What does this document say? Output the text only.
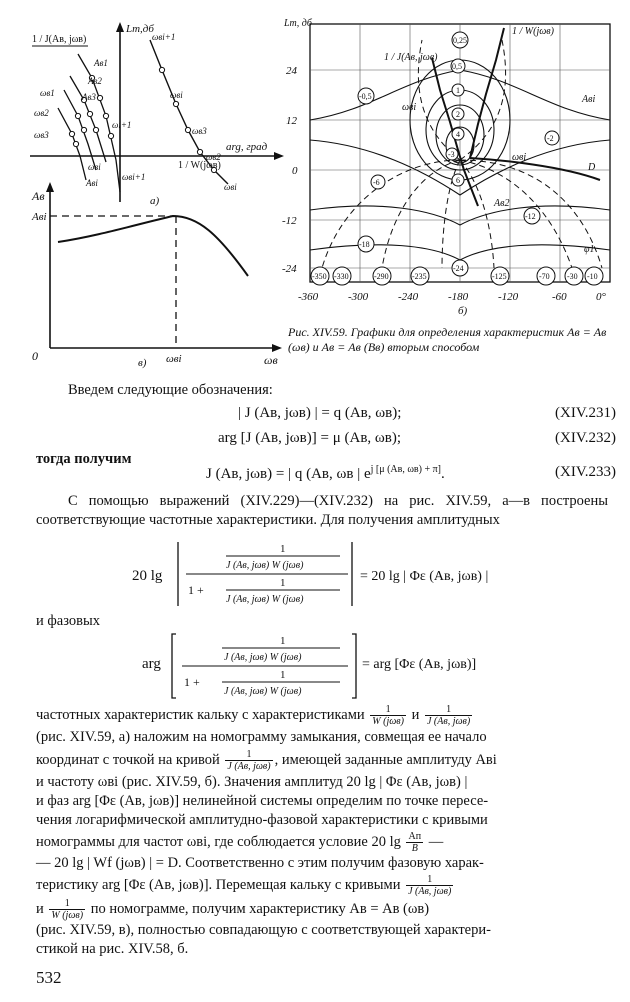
Lm,дб
arg, град
1 / J(Aв, jωв)
1 / W(jωв)
Aв1
Aв2
Aв3
Aвi
ωв1
ωв2
ωв3
ωвi
ωi+1
ωвi+1
ωвi+1
ωвi
ωв3
ωв2
ωвi
а)
Aв
Aвi
0	ωвi	ωв
в)
24
12
0
-12
-24
-360	-300	-240	-180	-120	-60	0°
Lm, дб
0,25
0,5
1
2
4
6
-0,5
-2
-6
-12
-18
-24
-3
-350 -330	-290	-235	-125	-70 -30 -10
1 / W(jωв)
1 / J(Aв, jωв)
Aвi
Aв2
ωвi
ωвi
D
φ1
б)
Рис. XIV.59. Графики для определения характеристик Aв = Aв (ωв) и Aв = Aв (Bв) вторым способом
Введем следующие обозначения:
| J (Aв, jωв) | = q (Aв, ωв);	(XIV.231)
arg [J (Aв, jωв)] = μ (Aв, ωв);	(XIV.232)
тогда получим
J (Aв, jωв) = | q (Aв, ωв | $e^{j [\mu (Aв, \omega в) + \pi]}$.	(XIV.233)
С помощью выражений (XIV.229)—(XIV.232) на рис. XIV.59, а—в построены соответствующие частотные характеристики. Для получения амплитудных
20 lg
1
J (Aв, jωв) W (jωв)
1 +	1
J (Aв, jωв) W (jωв)
= 20 lg | Φε (Aв, jωв) |
и фазовых
arg
1
J (Aв, jωв) W (jωв)
1 +	1
J (Aв, jωв) W (jωв)
= arg [Φε (Aв, jωв)]
частотных характеристик кальку с характеристиками $\frac{1}{\text{W (jωв)}}$ и $\frac{1}{\text{J (Aв, jωв)}}$
(рис. XIV.59, а) наложим на номограмму замыкания, совмещая ее начало
координат с точкой на кривой $\frac{1}{\text{J (Aв, jωв)}}$ , имеющей заданные амплитуду Aвi
и частоту ωвi (рис. XIV.59, б). Значения амплитуд 20 lg | Φε (Aв, jωв) |
и фаз arg [Φε (Aв, jωв)] нелинейной системы определим по точке пересе-
чения логарифмической амплитудно-фазовой характеристики с кривыми
номограммы для частот ωвi, где соблюдается условие 20 $\lg \frac{Aп}{B}$ —
— 20 lg | Wf (jωв) | = D. Соответственно с этим получим фазовую харак-
теристику arg [Φε (Aв, jωв)]. Перемещая кальку с кривыми $\frac{1}{\text{J (Aв, jωв)}}$
и $\frac{1}{\text{W (jωв)}}$ по номограмме, получим характеристику Aв = Aв (ωв)
(рис. XIV.59, в), полностью совпадающую с соответствующей характери-
стикой на рис. XIV.58, б.
532
